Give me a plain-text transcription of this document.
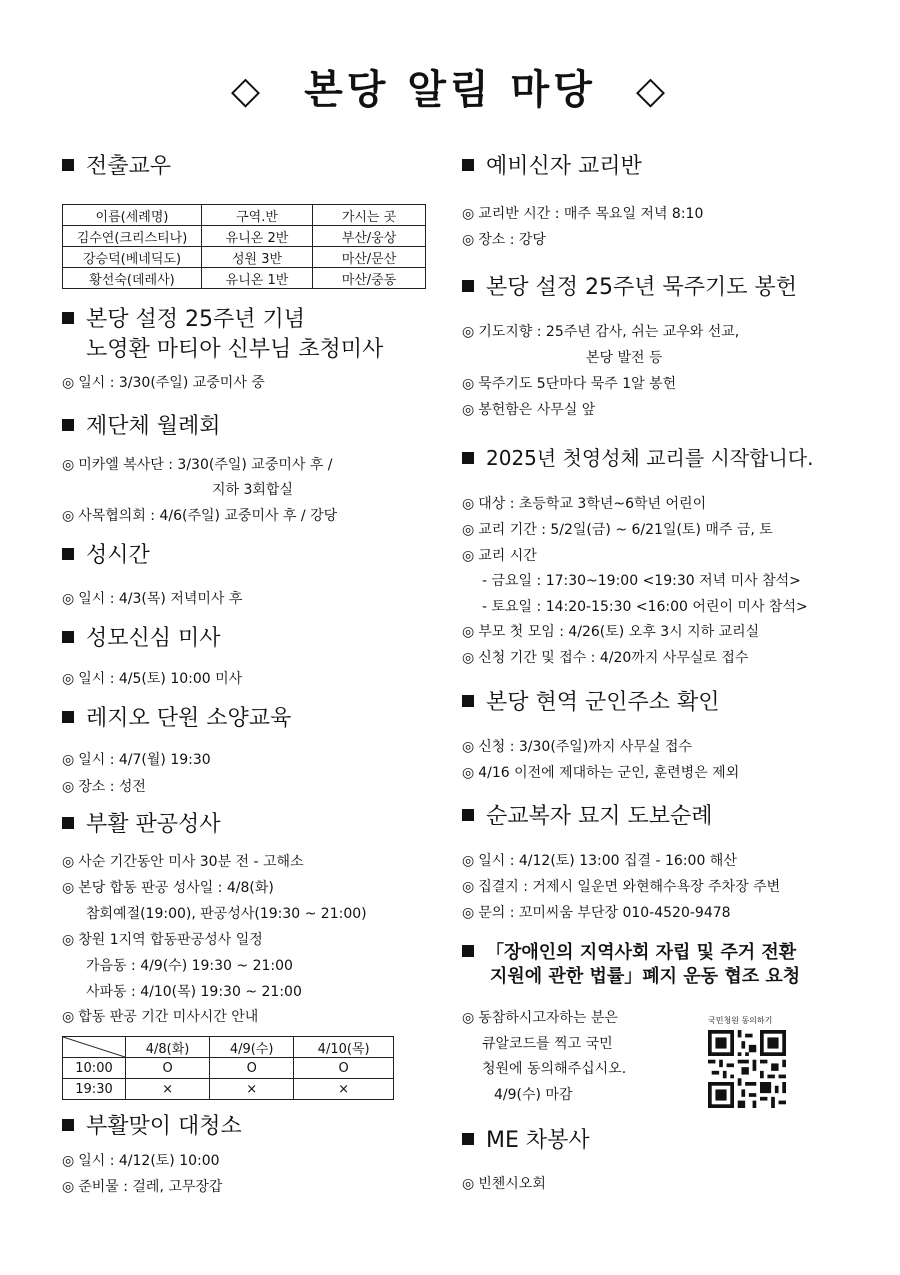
◇ 본당 알림 마당 ◇
전출교우
이름(세례명)	구역.반	가시는 곳
김수연(크리스티나)	유니온 2반	부산/웅상
강승덕(베네딕도)	성원 3반	마산/문산
황선숙(데레사)	유니온 1반	마산/중동
본당 설정 25주년 기념
노영환 마티아 신부님 초청미사
◎ 일시 : 3/30(주일) 교중미사 중
제단체 월례회
◎ 미카엘 복사단 : 3/30(주일) 교중미사 후 /
지하 3회합실
◎ 사목협의회 : 4/6(주일) 교중미사 후 / 강당
성시간
◎ 일시 : 4/3(목) 저녁미사 후
성모신심 미사
◎ 일시 : 4/5(토) 10:00 미사
레지오 단원 소양교육
◎ 일시 : 4/7(월) 19:30
◎ 장소 : 성전
부활 판공성사
◎ 사순 기간동안 미사 30분 전 - 고해소
◎ 본당 합동 판공 성사일 : 4/8(화)
참회예절(19:00), 판공성사(19:30 ~ 21:00)
◎ 창원 1지역 합동판공성사 일정
가음동 : 4/9(수) 19:30 ~ 21:00
사파동 : 4/10(목) 19:30 ~ 21:00
◎ 합동 판공 기간 미사시간 안내
	4/8(화)	4/9(수)	4/10(목)
10:00	O	O	O
19:30	×	×	×
부활맞이 대청소
◎ 일시 : 4/12(토) 10:00
◎ 준비물 : 걸레, 고무장갑
예비신자 교리반
◎ 교리반 시간 : 매주 목요일 저녁 8:10
◎ 장소 : 강당
본당 설정 25주년 묵주기도 봉헌
◎ 기도지향 : 25주년 감사, 쉬는 교우와 선교,
본당 발전 등
◎ 묵주기도 5단마다 묵주 1알 봉헌
◎ 봉헌함은 사무실 앞
2025년 첫영성체 교리를 시작합니다.
◎ 대상 : 초등학교 3학년~6학년 어린이
◎ 교리 기간 : 5/2일(금) ~ 6/21일(토) 매주 금, 토
◎ 교리 시간
- 금요일 : 17:30~19:00 <19:30 저녁 미사 참석>
- 토요일 : 14:20-15:30 <16:00 어린이 미사 참석>
◎ 부모 첫 모임 : 4/26(토) 오후 3시 지하 교리실
◎ 신청 기간 및 접수 : 4/20까지 사무실로 접수
본당 현역 군인주소 확인
◎ 신청 : 3/30(주일)까지 사무실 접수
◎ 4/16 이전에 제대하는 군인, 훈련병은 제외
순교복자 묘지 도보순례
◎ 일시 : 4/12(토) 13:00 집결 - 16:00 해산
◎ 집결지 : 거제시 일운면 와현해수욕장 주차장 주변
◎ 문의 : 꼬미씨움 부단장 010-4520-9478
「장애인의 지역사회 자립 및 주거 전환
지원에 관한 법률」폐지 운동 협조 요청
◎ 동참하시고자하는 분은
큐알코드를 찍고 국민
청원에 동의해주십시오.
4/9(수) 마감
국민청원 동의하기
ME 차봉사
◎ 빈첸시오회
